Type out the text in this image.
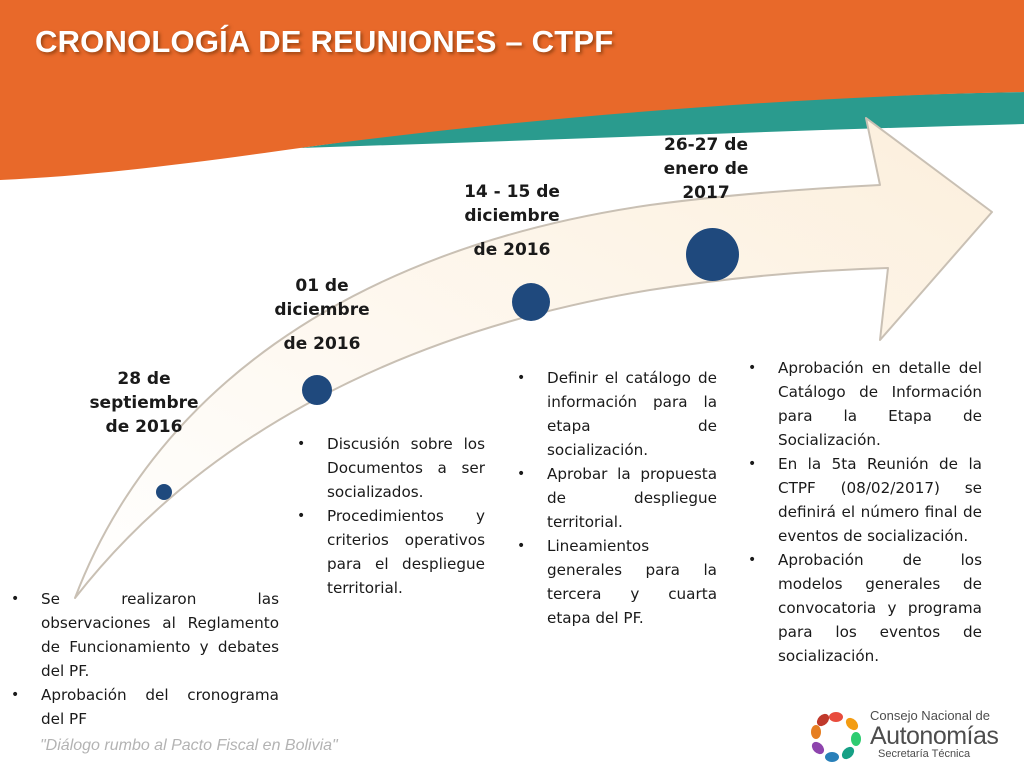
CRONOLOGÍA DE REUNIONES – CTPF
28 de
septiembre
de 2016
• Se realizaron las observaciones al Reglamento de Funcionamiento y debates del PF.
• Aprobación del cronograma del PF
01 de
diciembre
de 2016
• Discusión sobre los Documentos a ser socializados.
• Procedimientos y criterios operativos para el despliegue territorial.
14 - 15 de
diciembre
de 2016
• Definir el catálogo de información para la etapa de socialización.
• Aprobar la propuesta de despliegue territorial.
• Lineamientos generales para la tercera y cuarta etapa del PF.
26-27 de
enero de
2017
• Aprobación en detalle del Catálogo de Información para la Etapa de Socialización.
• En la 5ta Reunión de la CTPF (08/02/2017) se definirá el número final de eventos de socialización.
• Aprobación de los modelos generales de convocatoria y programa para los eventos de socialización.
"Diálogo rumbo al Pacto Fiscal en Bolivia"
Consejo Nacional de
Autonomías
Secretaría Técnica
